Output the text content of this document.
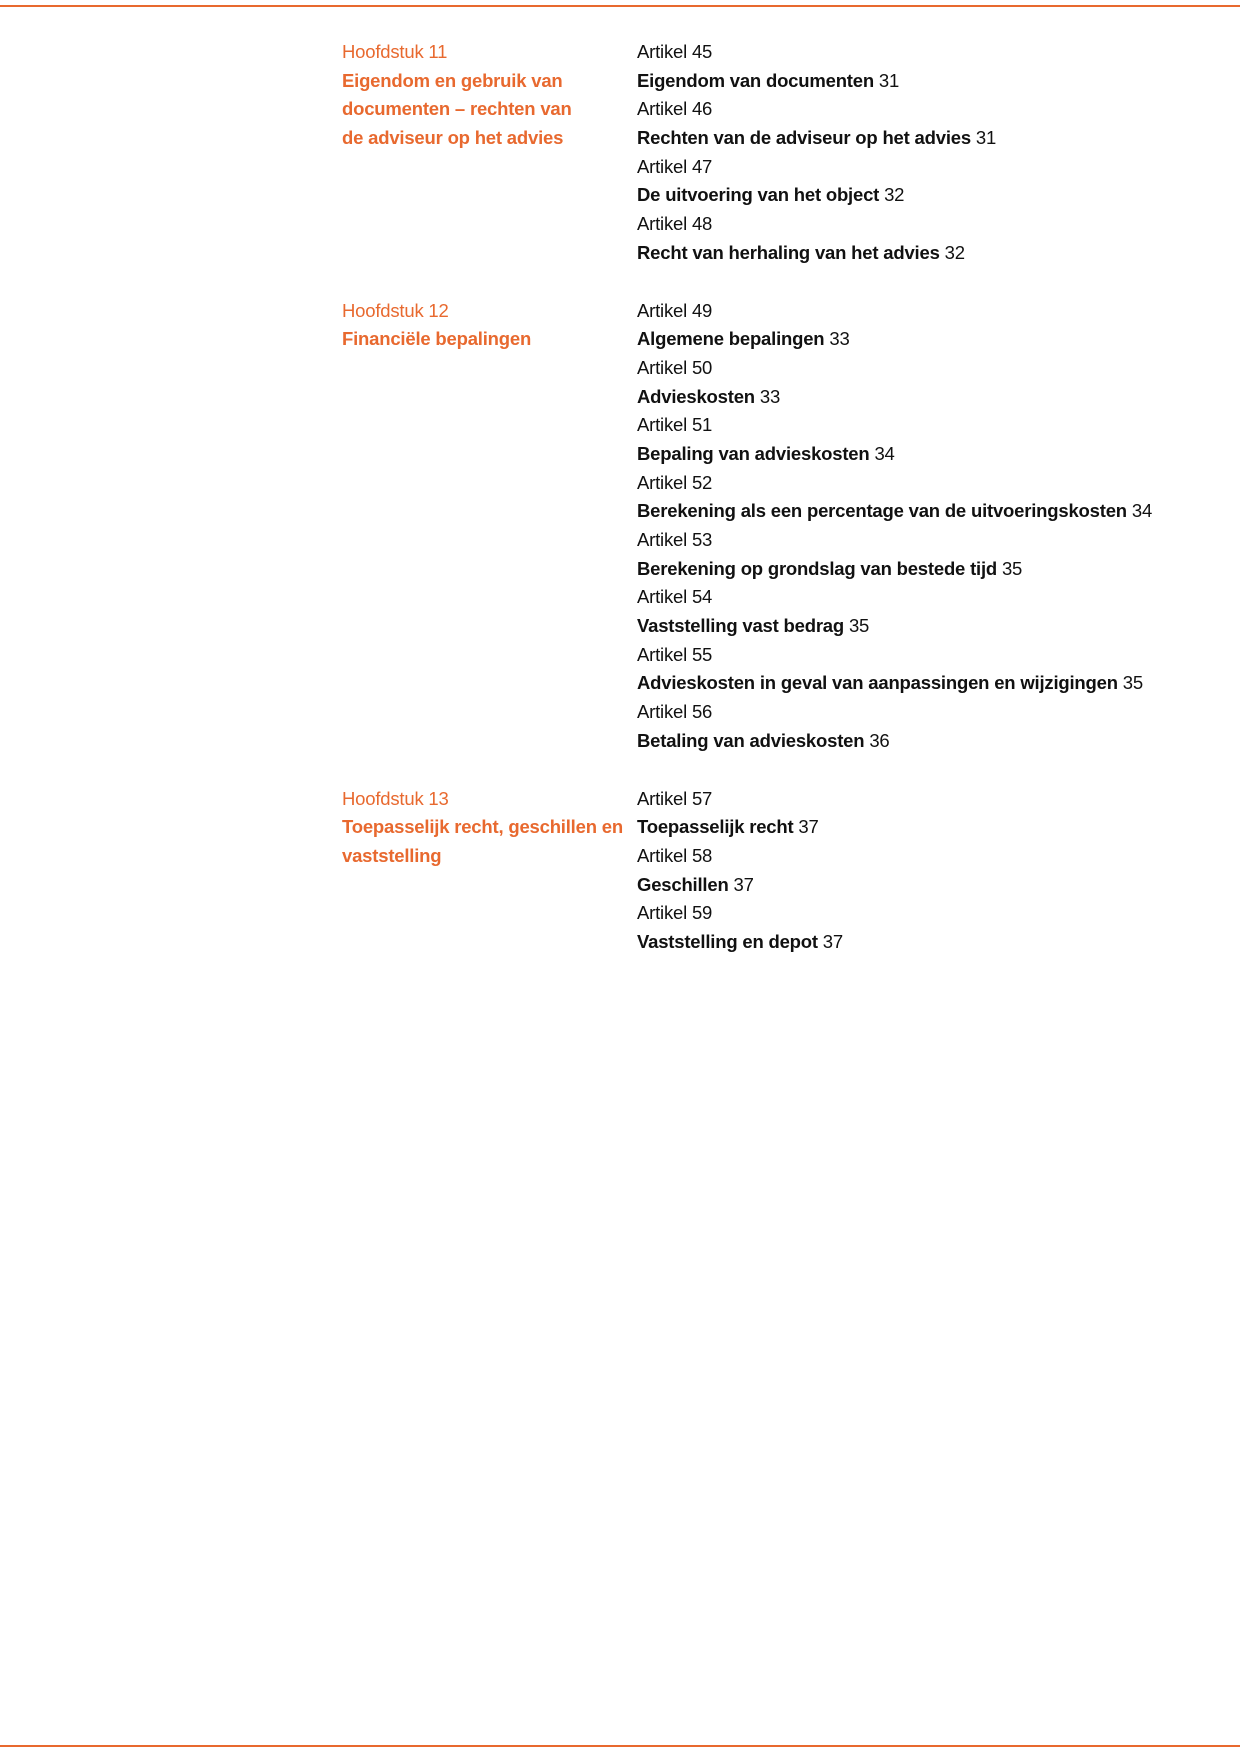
Hoofdstuk 11
Eigendom en gebruik van
documenten – rechten van
de adviseur op het advies
Artikel 45
Eigendom van documenten 31
Artikel 46
Rechten van de adviseur op het advies 31
Artikel 47
De uitvoering van het object 32
Artikel 48
Recht van herhaling van het advies 32
Hoofdstuk 12
Financiële bepalingen
Artikel 49
Algemene bepalingen 33
Artikel 50
Advieskosten 33
Artikel 51
Bepaling van advieskosten 34
Artikel 52
Berekening als een percentage van de uitvoeringskosten 34
Artikel 53
Berekening op grondslag van bestede tijd 35
Artikel 54
Vaststelling vast bedrag 35
Artikel 55
Advieskosten in geval van aanpassingen en wijzigingen 35
Artikel 56
Betaling van advieskosten 36
Hoofdstuk 13
Toepasselijk recht, geschillen en
vaststelling
Artikel 57
Toepasselijk recht 37
Artikel 58
Geschillen 37
Artikel 59
Vaststelling en depot 37
